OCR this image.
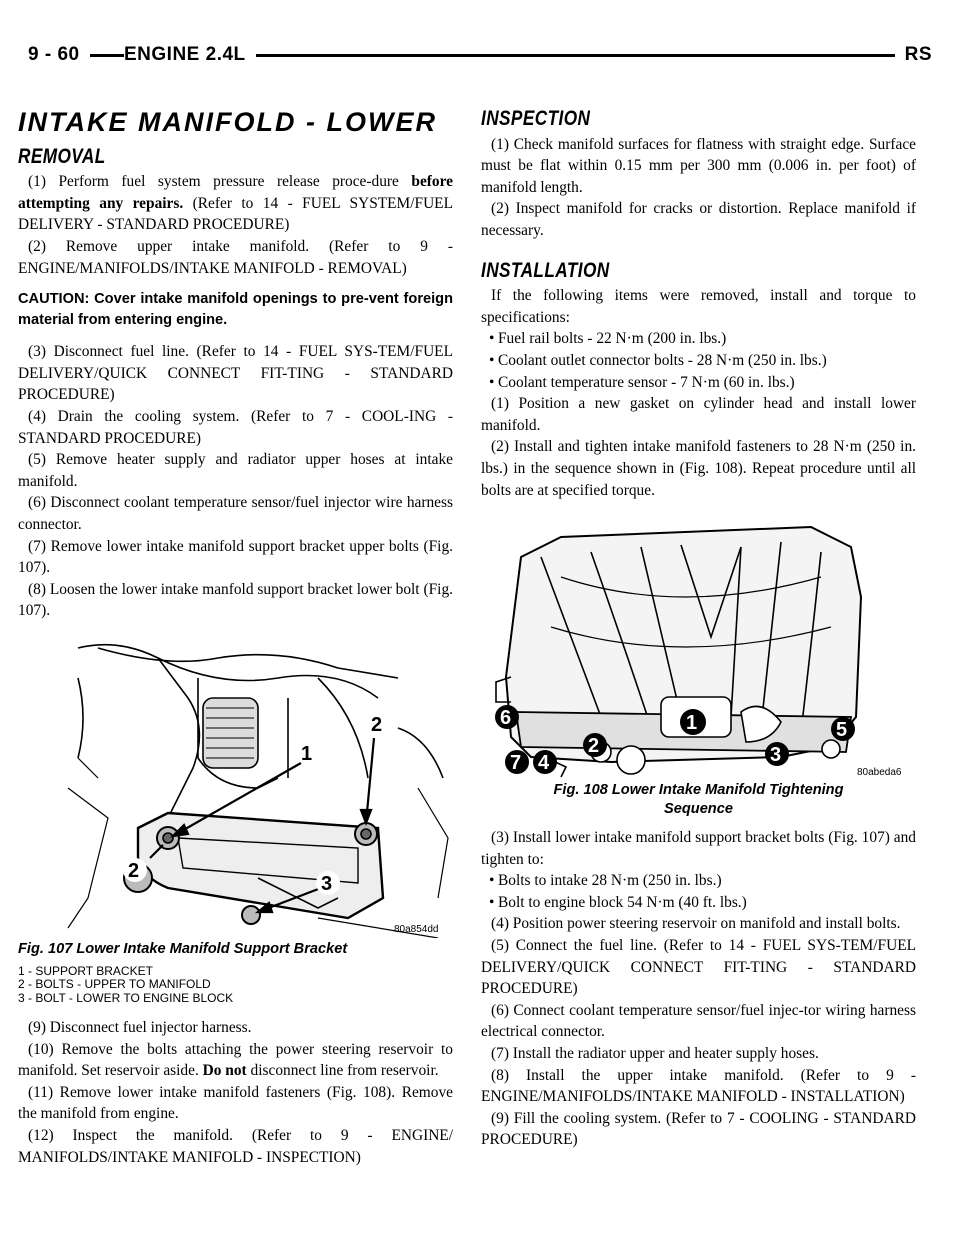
9 - 60	ENGINE 2.4L	RS
INTAKE MANIFOLD - LOWER
REMOVAL

(1) Perform fuel system pressure release proce-dure before attempting any repairs. (Refer to 14 - FUEL SYSTEM/FUEL DELIVERY - STANDARD PROCEDURE)

(2) Remove upper intake manifold. (Refer to 9 - ENGINE/MANIFOLDS/INTAKE MANIFOLD - REMOVAL)

CAUTION: Cover intake manifold openings to pre-vent foreign material from entering engine.

(3) Disconnect fuel line. (Refer to 14 - FUEL SYS-TEM/FUEL DELIVERY/QUICK CONNECT FIT-TING - STANDARD PROCEDURE)

(4) Drain the cooling system. (Refer to 7 - COOL-ING - STANDARD PROCEDURE)

(5) Remove heater supply and radiator upper hoses at intake manifold.

(6) Disconnect coolant temperature sensor/fuel injector wire harness connector.

(7) Remove lower intake manifold support bracket upper bolts (Fig. 107).

(8) Loosen the lower intake manfold support bracket lower bolt (Fig. 107).

1
2
2
3
80a854dd
Fig. 107 Lower Intake Manifold Support Bracket
1 - SUPPORT BRACKET
2 - BOLTS - UPPER TO MANIFOLD
3 - BOLT - LOWER TO ENGINE BLOCK

(9) Disconnect fuel injector harness.

(10) Remove the bolts attaching the power steering reservoir to manifold. Set reservoir aside. Do not disconnect line from reservoir.

(11) Remove lower intake manifold fasteners (Fig. 108). Remove the manifold from engine.

(12) Inspect the manifold. (Refer to 9 - ENGINE/ MANIFOLDS/INTAKE MANIFOLD - INSPECTION)

INSPECTION

(1) Check manifold surfaces for flatness with straight edge. Surface must be flat within 0.15 mm per 300 mm (0.006 in. per foot) of manifold length.

(2) Inspect manifold for cracks or distortion. Replace manifold if necessary.

INSTALLATION

If the following items were removed, install and torque to specifications:

• Fuel rail bolts - 22 N·m (200 in. lbs.)

• Coolant outlet connector bolts - 28 N·m (250 in. lbs.)

• Coolant temperature sensor - 7 N·m (60 in. lbs.)

(1) Position a new gasket on cylinder head and install lower manifold.

(2) Install and tighten intake manifold fasteners to 28 N·m (250 in. lbs.) in the sequence shown in (Fig. 108). Repeat procedure until all bolts are at specified torque.

1
2	3
4
5
6
7	80abeda6
Fig. 108 Lower Intake Manifold Tightening
Sequence

(3) Install lower intake manifold support bracket bolts (Fig. 107) and tighten to:

• Bolts to intake 28 N·m (250 in. lbs.)

• Bolt to engine block 54 N·m (40 ft. lbs.)

(4) Position power steering reservoir on manifold and install bolts.

(5) Connect the fuel line. (Refer to 14 - FUEL SYS-TEM/FUEL DELIVERY/QUICK CONNECT FIT-TING - STANDARD PROCEDURE)

(6) Connect coolant temperature sensor/fuel injec-tor wiring harness electrical connector.

(7) Install the radiator upper and heater supply hoses.

(8) Install the upper intake manifold. (Refer to 9 - ENGINE/MANIFOLDS/INTAKE MANIFOLD - INSTALLATION)

(9) Fill the cooling system. (Refer to 7 - COOLING - STANDARD PROCEDURE)
